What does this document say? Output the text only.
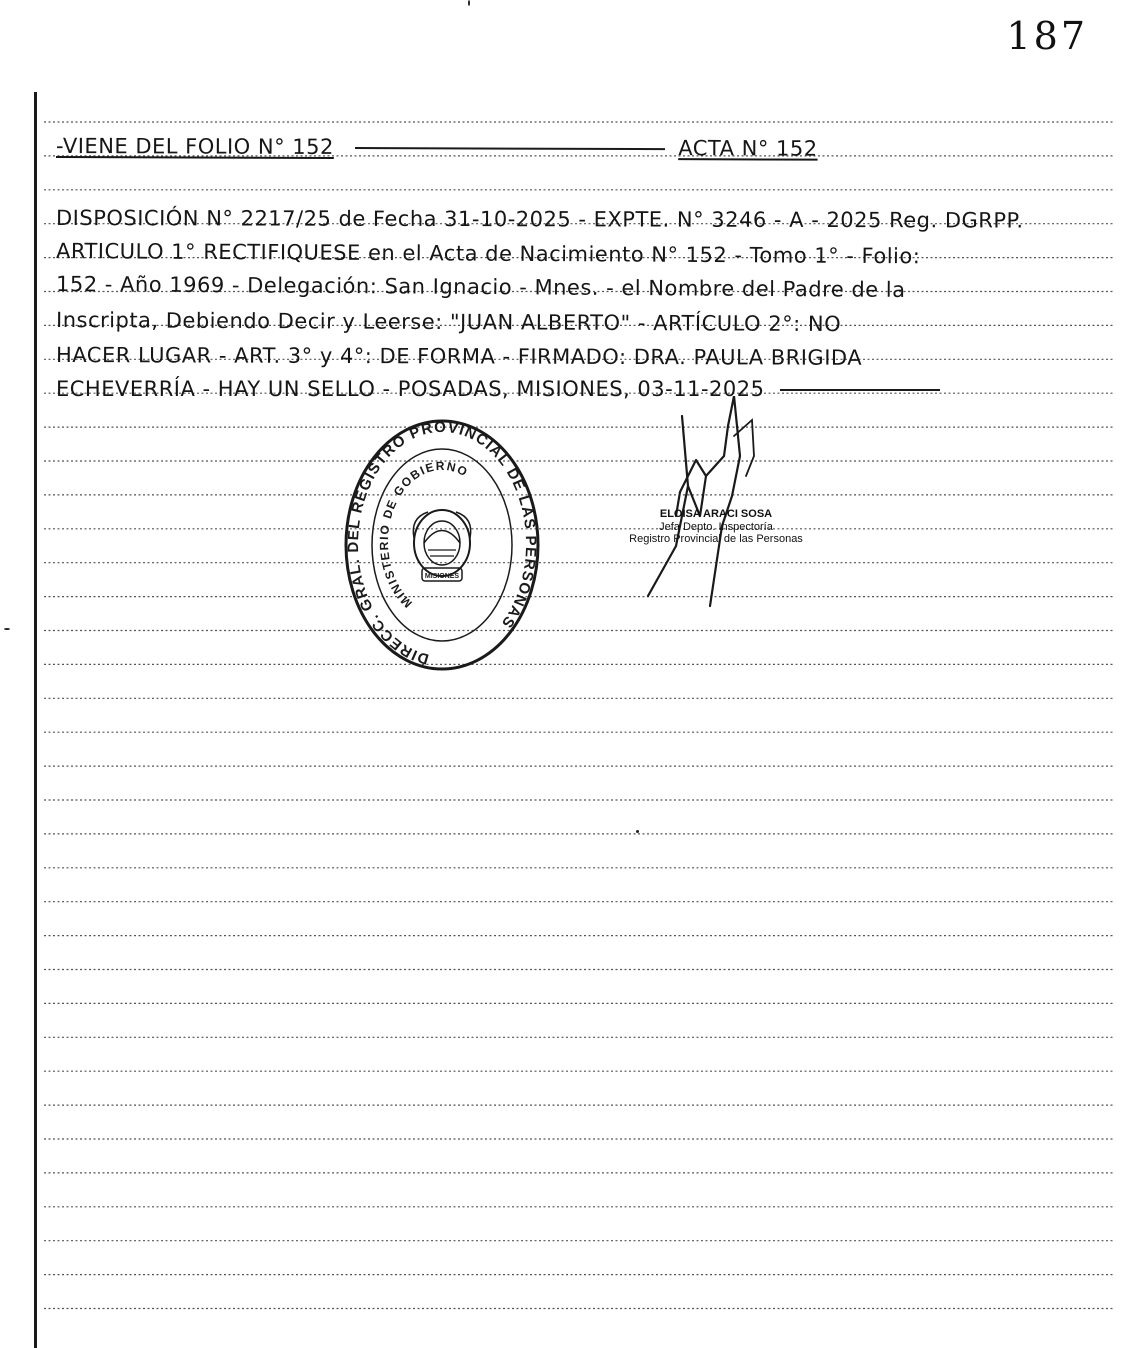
187
-VIENE DEL FOLIO N° 152	ACTA N° 152
DISPOSICIÓN N° 2217/25 de Fecha 31-10-2025 - EXPTE. N° 3246 - A - 2025 Reg. DGRPP.
ARTICULO 1° RECTIFIQUESE en el Acta de Nacimiento N° 152 - Tomo 1° - Folio:
152 - Año 1969 - Delegación: San Ignacio - Mnes. - el Nombre del Padre de la
Inscripta, Debiendo Decir y Leerse: "JUAN ALBERTO" - ARTÍCULO 2°: NO
HACER LUGAR - ART. 3° y 4°: DE FORMA - FIRMADO: DRA. PAULA BRIGIDA
ECHEVERRÍA - HAY UN SELLO - POSADAS, MISIONES, 03-11-2025
DIRECC. GRAL. DEL REGISTRO PROVINCIAL DE LAS PERSONAS
MINISTERIO DE GOBIERNO
MISIONES
ELOISA ARACI SOSA
Jefa Depto. Inspectoría
Registro Provincial de las Personas
